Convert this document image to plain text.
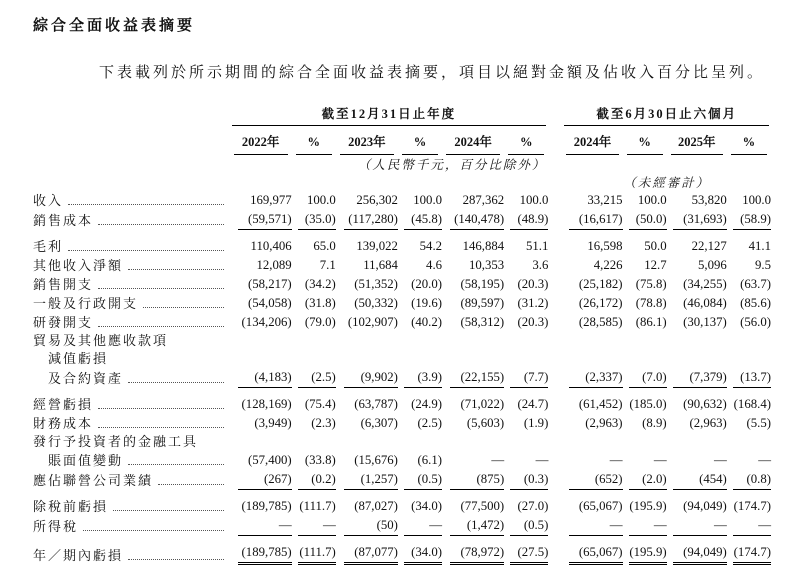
綜合全面收益表摘要

下表載列於所示期間的綜合全面收益表摘要，項目以絕對金額及佔收入百分比呈列。

	截至12月31日止年度							截至6月30日止六個月			

	2022年	%	2023年	%	2024年	%		2024年	%	2025年	%

	（人民幣千元，百分比除外）										
								（未經審計）			

收入	169,977	100.0	256,302	100.0	287,362	100.0		33,215	100.0	53,820	100.0

銷售成本	(59,571)	(35.0)	(117,280)	(45.8)	(140,478)	(48.9)		(16,617)	(50.0)	(31,693)	(58.9)

毛利	110,406	65.0	139,022	54.2	146,884	51.1		16,598	50.0	22,127	41.1

其他收入淨額	12,089	7.1	11,684	4.6	10,353	3.6		4,226	12.7	5,096	9.5

銷售開支	(58,217)	(34.2)	(51,352)	(20.0)	(58,195)	(20.3)		(25,182)	(75.8)	(34,255)	(63.7)

一般及行政開支	(54,058)	(31.8)	(50,332)	(19.6)	(89,597)	(31.2)		(26,172)	(78.8)	(46,084)	(85.6)

研發開支	(134,206)	(79.0)	(102,907)	(40.2)	(58,312)	(20.3)		(28,585)	(86.1)	(30,137)	(56.0)

貿易及其他應收款項											

減值虧損											

及合約資產	(4,183)	(2.5)	(9,902)	(3.9)	(22,155)	(7.7)		(2,337)	(7.0)	(7,379)	(13.7)

經營虧損	(128,169)	(75.4)	(63,787)	(24.9)	(71,022)	(24.7)		(61,452)	(185.0)	(90,632)	(168.4)

財務成本	(3,949)	(2.3)	(6,307)	(2.5)	(5,603)	(1.9)		(2,963)	(8.9)	(2,963)	(5.5)

發行予投資者的金融工具											

賬面值變動	(57,400)	(33.8)	(15,676)	(6.1)	—	—		—	—	—	—

應佔聯營公司業績	(267)	(0.2)	(1,257)	(0.5)	(875)	(0.3)		(652)	(2.0)	(454)	(0.8)

除稅前虧損	(189,785)	(111.7)	(87,027)	(34.0)	(77,500)	(27.0)		(65,067)	(195.9)	(94,049)	(174.7)

所得稅	—	—	(50)	—	(1,472)	(0.5)		—	—	—	—

年／期內虧損	(189,785)	(111.7)	(87,077)	(34.0)	(78,972)	(27.5)		(65,067)	(195.9)	(94,049)	(174.7)
